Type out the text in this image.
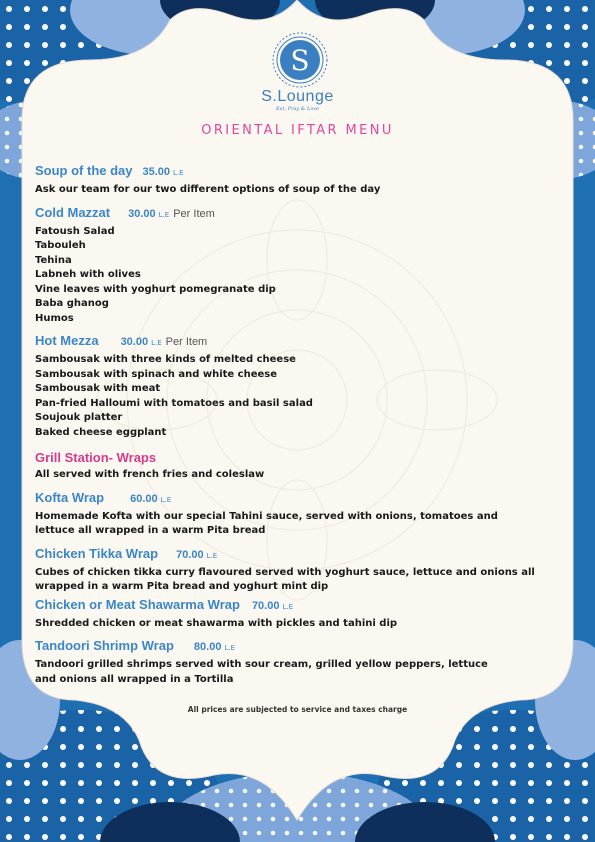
S
S.Lounge
Eat, Pray & Love
ORIENTAL IFTAR MENU
Soup of the day 35.00 L.E
Ask our team for our two different options of soup of the day
Cold Mazzat 30.00 L.E Per Item
Fatoush Salad
Tabouleh
Tehina
Labneh with olives
Vine leaves with yoghurt pomegranate dip
Baba ghanog
Humos
Hot Mezza 30.00 L.E Per Item
Sambousak with three kinds of melted cheese
Sambousak with spinach and white cheese
Sambousak with meat
Pan-fried Halloumi with tomatoes and basil salad
Soujouk platter
Baked cheese eggplant
Grill Station- Wraps
All served with french fries and coleslaw
Kofta Wrap 60.00 L.E
Homemade Kofta with our special Tahini sauce, served with onions, tomatoes and
lettuce all wrapped in a warm Pita bread
Chicken Tikka Wrap 70.00 L.E
Cubes of chicken tikka curry flavoured served with yoghurt sauce, lettuce and onions all
wrapped in a warm Pita bread and yoghurt mint dip
Chicken or Meat Shawarma Wrap 70.00 L.E
Shredded chicken or meat shawarma with pickles and tahini dip
Tandoori Shrimp Wrap 80.00 L.E
Tandoori grilled shrimps served with sour cream, grilled yellow peppers, lettuce
and onions all wrapped in a Tortilla
All prices are subjected to service and taxes charge
